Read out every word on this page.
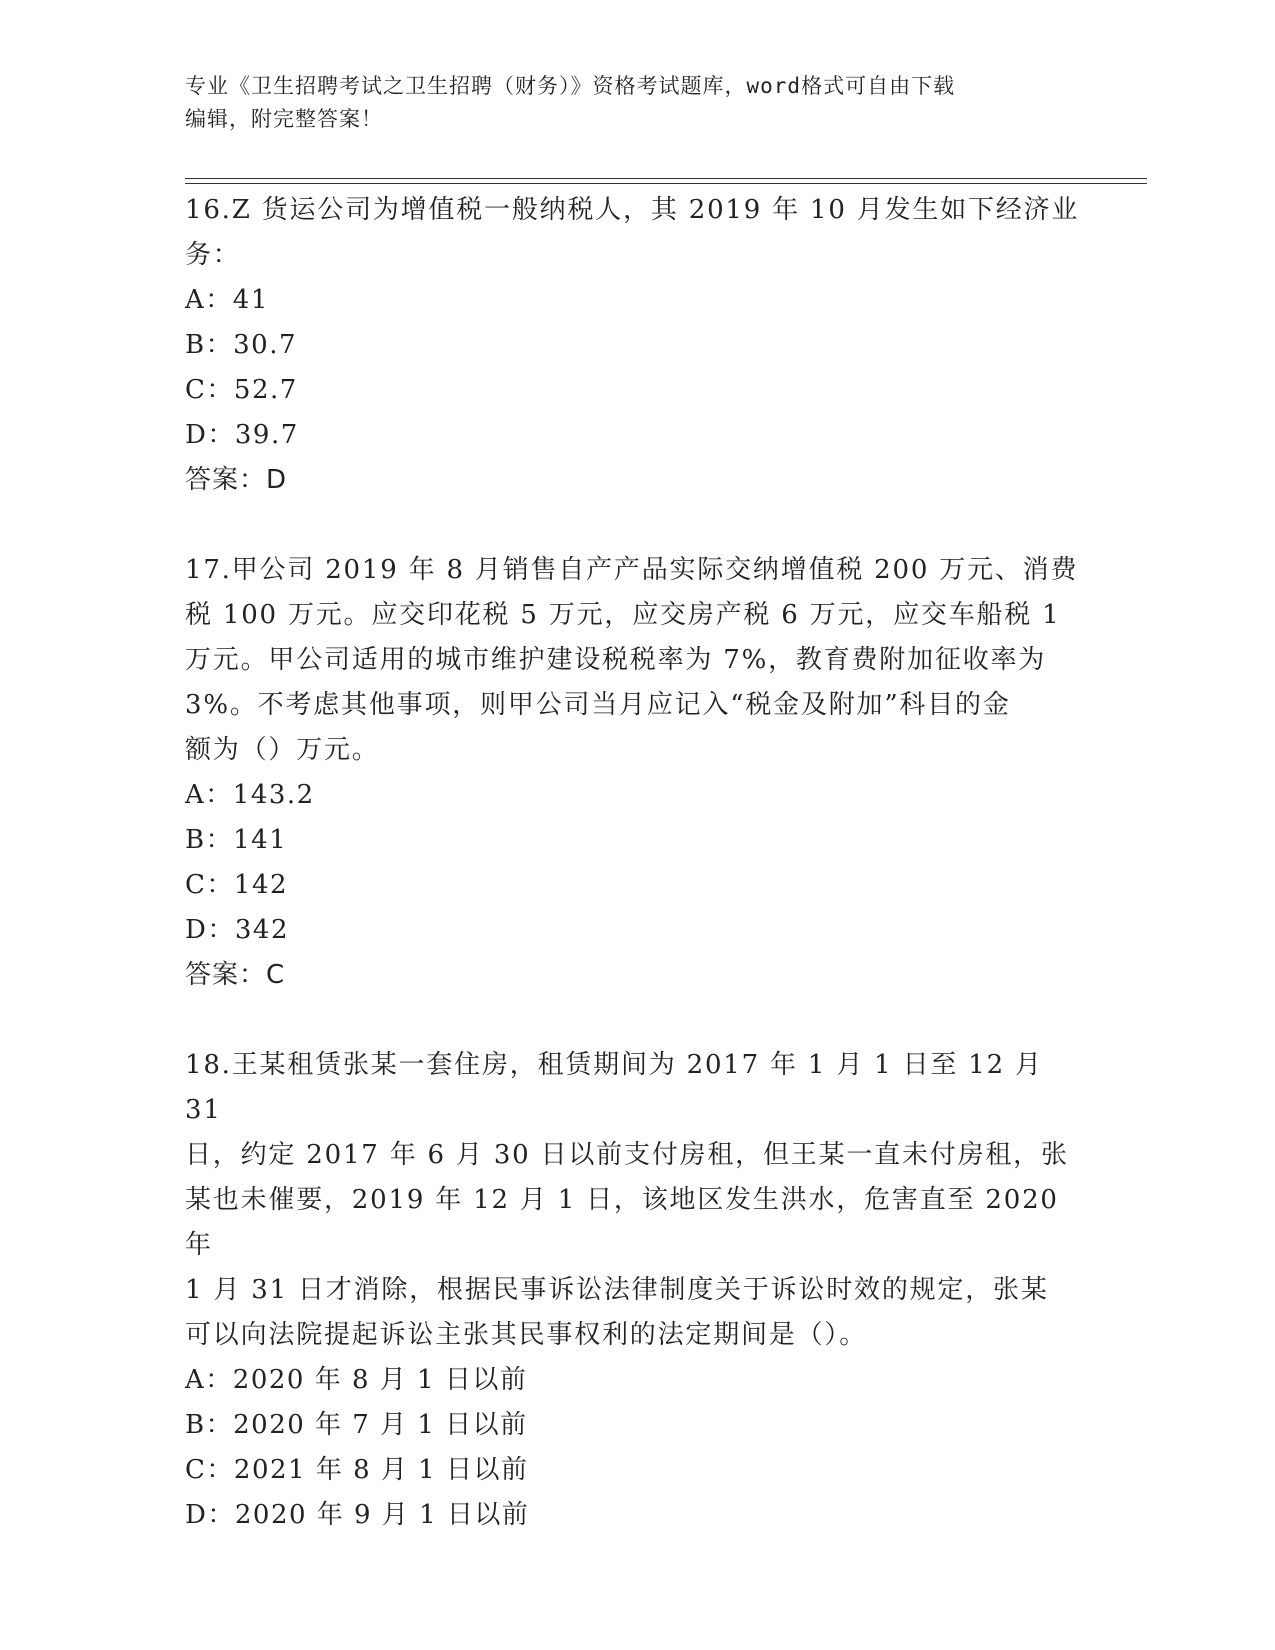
专业《卫生招聘考试之卫生招聘（财务）》资格考试题库，word格式可自由下载
编辑，附完整答案！

16.Z 货运公司为增值税一般纳税人，其 2019 年 10 月发生如下经济业

务：

A： 41

B： 30.7

C： 52.7

D： 39.7

答案：D

17.甲公司 2019 年 8 月销售自产产品实际交纳增值税 200 万元、消费

税 100 万元。应交印花税 5 万元，应交房产税 6 万元，应交车船税 1

万元。甲公司适用的城市维护建设税税率为 7%，教育费附加征收率为

3%。不考虑其他事项，则甲公司当月应记入“税金及附加”科目的金

额为（）万元。

A： 143.2

B： 141

C： 142

D： 342

答案：C

18.王某租赁张某一套住房，租赁期间为 2017 年 1 月 1 日至 12 月 31

日，约定 2017 年 6 月 30 日以前支付房租，但王某一直未付房租，张

某也未催要，2019 年 12 月 1 日，该地区发生洪水，危害直至 2020 年

1 月 31 日才消除，根据民事诉讼法律制度关于诉讼时效的规定，张某

可以向法院提起诉讼主张其民事权利的法定期间是（）。

A： 2020 年 8 月 1 日以前

B： 2020 年 7 月 1 日以前

C： 2021 年 8 月 1 日以前

D： 2020 年 9 月 1 日以前
